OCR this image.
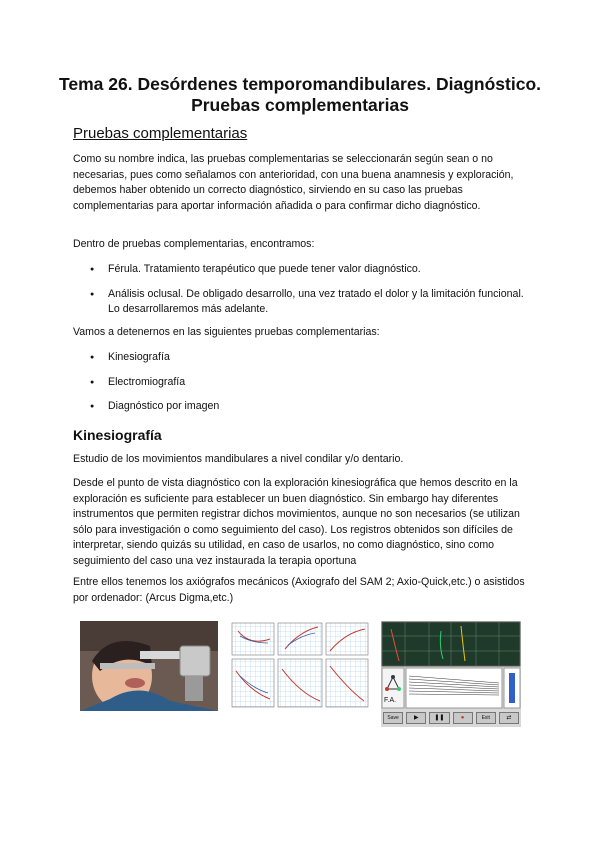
Tema 26. Desórdenes temporomandibulares. Diagnóstico.
Pruebas complementarias
Pruebas complementarias

Como su nombre indica, las pruebas complementarias se seleccionarán según sean o no necesarias, pues como señalamos con anterioridad, con una buena anamnesis y exploración, debemos haber obtenido un correcto diagnóstico, sirviendo en su caso las pruebas complementarias para aportar información añadida o para confirmar dicho diagnóstico.

Dentro de pruebas complementarias, encontramos:

● Férula. Tratamiento terapéutico que puede tener valor diagnóstico.
● Análisis oclusal. De obligado desarrollo, una vez tratado el dolor y la limitación funcional. Lo desarrollaremos más adelante.

Vamos a detenernos en las siguientes pruebas complementarias:

● Kinesiografía
● Electromiografía
● Diagnóstico por imagen
Kinesiografía

Estudio de los movimientos mandibulares a nivel condilar y/o dentario.

Desde el punto de vista diagnóstico con la exploración kinesiográfica que hemos descrito en la exploración es suficiente para establecer un buen diagnóstico. Sin embargo hay diferentes instrumentos que permiten registrar dichos movimientos, aunque no son necesarios (se utilizan sólo para investigación o como seguimiento del caso). Los registros obtenidos son difíciles de interpretar, siendo quizás su utilidad, en caso de usarlos, no como diagnóstico, sino como seguimiento del caso una vez instaurada la terapia oportuna

Entre ellos tenemos los axiógrafos mecánicos (Axiografo del SAM 2; Axio-Quick,etc.) o asistidos por ordenador: (Arcus Digma,etc.)

F.A.
Save	▶	❚❚	●	Exit	⇄
